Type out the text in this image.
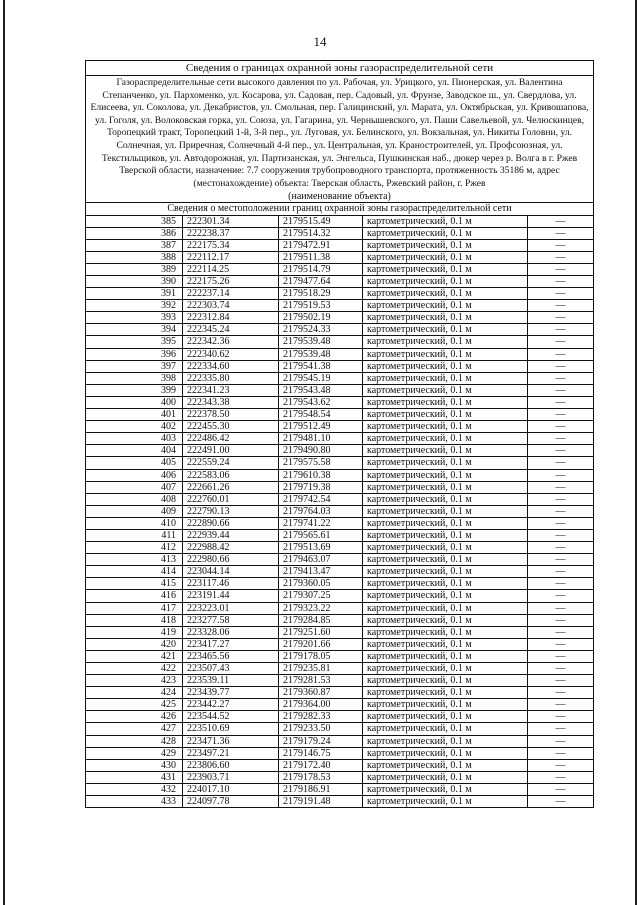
14
Сведения о границах охранной зоны газораспределительной сети				
Газораспределительные сети высокого давления по ул. Рабочая, ул. Урицкого, ул. Пионерская, ул. Валентина Степанченко, ул. Пархоменко, ул. Косарова, ул. Садовая, пер. Садовый, ул. Фрунзе, Заводское ш., ул. Свердлова, ул. Елисеева, ул. Соколова, ул. Декабристов, ул. Смольная, пер. Галицинский, ул. Марата, ул. Октябрьская, ул. Кривошапова, ул. Гоголя, ул. Волоковская горка, ул. Союза, ул. Гагарина, ул. Чернышевского, ул. Паши Савельевой, ул. Челюскинцев, Торопецкий тракт, Торопецкий 1-й, 3-й пер., ул. Луговая, ул. Белинского, ул. Вокзальная, ул. Никиты Головни, ул. Солнечная, ул. Приречная, Солнечный 4-й пер., ул. Центральная, ул. Краностроителей, ул. Профсоюзная, ул. Текстильщиков, ул. Автодорожная, ул. Партизанская, ул. Энгельса, Пушкинская наб., дюкер через р. Волга в г. Ржев Тверской области, назначение: 7.7 сооружения трубопроводного транспорта, протяженность 35186 м, адрес (местонахождение) объекта: Тверская область, Ржевский район, г. Ржев				
(наименование объекта)				
Сведения о местоположении границ охранной зоны газораспределительной сети				
385	222301.34	2179515.49	картометрический, 0.1 м	—
386	222238.37	2179514.32	картометрический, 0.1 м	—
387	222175.34	2179472.91	картометрический, 0.1 м	—
388	222112.17	2179511.38	картометрический, 0.1 м	—
389	222114.25	2179514.79	картометрический, 0.1 м	—
390	222175.26	2179477.64	картометрический, 0.1 м	—
391	222237.14	2179518.29	картометрический, 0.1 м	—
392	222303.74	2179519.53	картометрический, 0.1 м	—
393	222312.84	2179502.19	картометрический, 0.1 м	—
394	222345.24	2179524.33	картометрический, 0.1 м	—
395	222342.36	2179539.48	картометрический, 0.1 м	—
396	222340.62	2179539.48	картометрический, 0.1 м	—
397	222334.60	2179541.38	картометрический, 0.1 м	—
398	222335.80	2179545.19	картометрический, 0.1 м	—
399	222341.23	2179543.48	картометрический, 0.1 м	—
400	222343.38	2179543.62	картометрический, 0.1 м	—
401	222378.50	2179548.54	картометрический, 0.1 м	—
402	222455.30	2179512.49	картометрический, 0.1 м	—
403	222486.42	2179481.10	картометрический, 0.1 м	—
404	222491.00	2179490.80	картометрический, 0.1 м	—
405	222559.24	2179575.58	картометрический, 0.1 м	—
406	222583.06	2179610.38	картометрический, 0.1 м	—
407	222661.26	2179719.38	картометрический, 0.1 м	—
408	222760.01	2179742.54	картометрический, 0.1 м	—
409	222790.13	2179764.03	картометрический, 0.1 м	—
410	222890.66	2179741.22	картометрический, 0.1 м	—
411	222939.44	2179565.61	картометрический, 0.1 м	—
412	222988.42	2179513.69	картометрический, 0.1 м	—
413	222980.66	2179463.07	картометрический, 0.1 м	—
414	223044.14	2179413.47	картометрический, 0.1 м	—
415	223117.46	2179360.05	картометрический, 0.1 м	—
416	223191.44	2179307.25	картометрический, 0.1 м	—
417	223223.01	2179323.22	картометрический, 0.1 м	—
418	223277.58	2179284.85	картометрический, 0.1 м	—
419	223328.06	2179251.60	картометрический, 0.1 м	—
420	223417.27	2179201.66	картометрический, 0.1 м	—
421	223465.56	2179178.05	картометрический, 0.1 м	—
422	223507.43	2179235.81	картометрический, 0.1 м	—
423	223539.11	2179281.53	картометрический, 0.1 м	—
424	223439.77	2179360.87	картометрический, 0.1 м	—
425	223442.27	2179364.00	картометрический, 0.1 м	—
426	223544.52	2179282.33	картометрический, 0.1 м	—
427	223510.69	2179233.50	картометрический, 0.1 м	—
428	223471.36	2179179.24	картометрический, 0.1 м	—
429	223497.21	2179146.75	картометрический, 0.1 м	—
430	223806.60	2179172.40	картометрический, 0.1 м	—
431	223903.71	2179178.53	картометрический, 0.1 м	—
432	224017.10	2179186.91	картометрический, 0.1 м	—
433	224097.78	2179191.48	картометрический, 0.1 м	—
